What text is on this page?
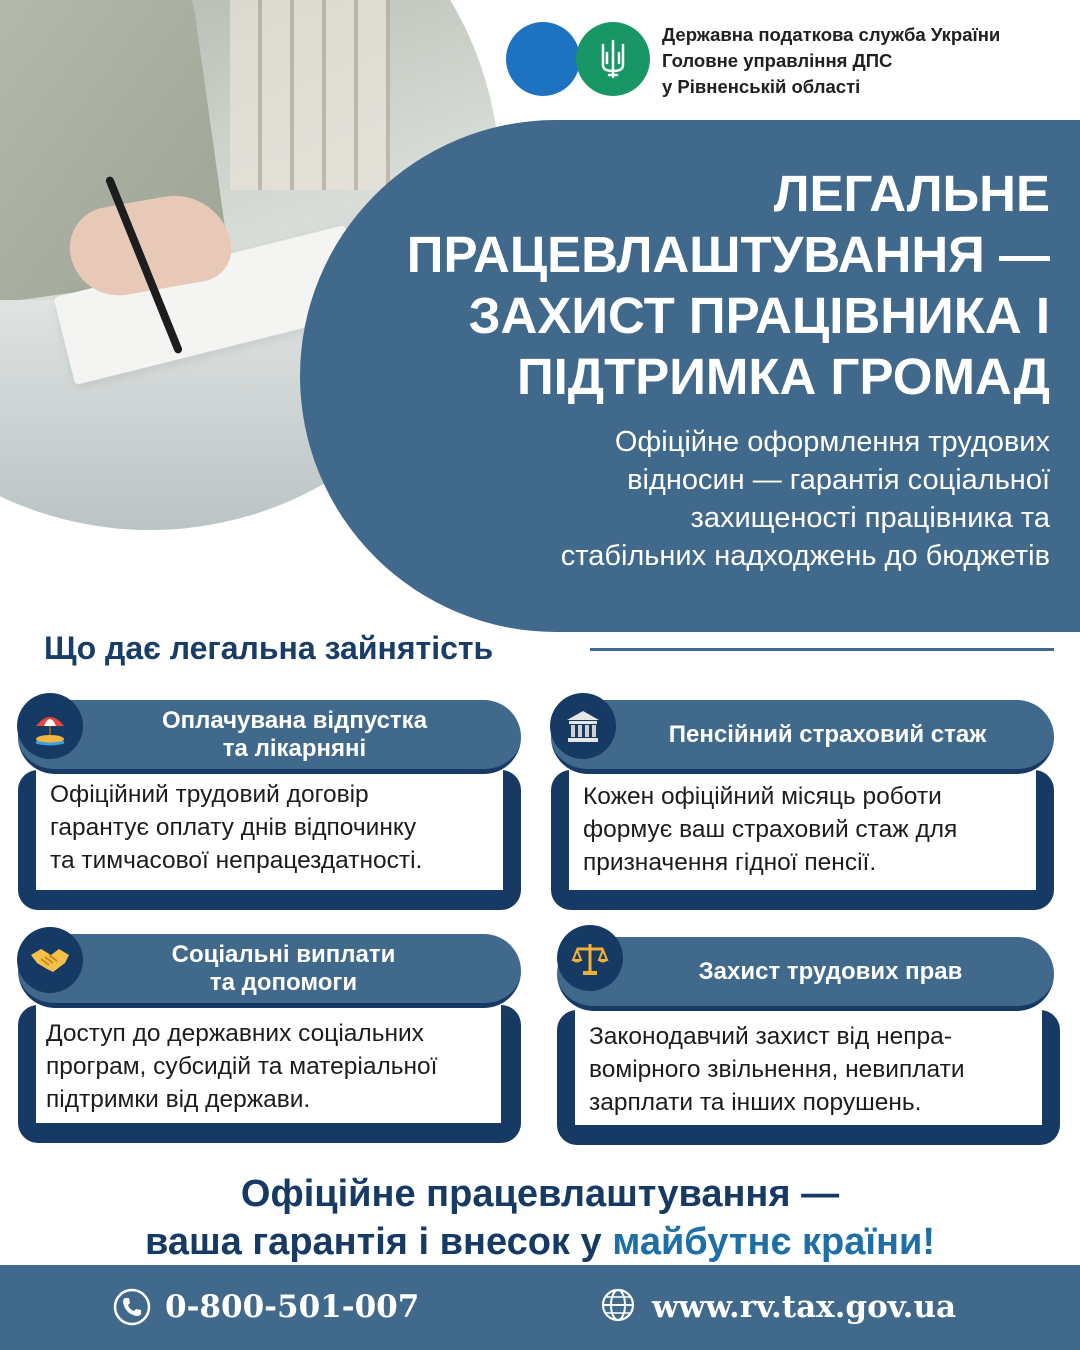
Державна податкова служба України
Головне управління ДПС
у Рівненській області
ЛЕГАЛЬНЕ
ПРАЦЕВЛАШТУВАННЯ —
ЗАХИСТ ПРАЦІВНИКА І
ПІДТРИМКА ГРОМАД
Офіційне оформлення трудових
відносин — гарантія соціальної
захищеності працівника та
стабільних надходжень до бюджетів
Що дає легальна зайнятість
Офіційний трудовий договір
гарантує оплату днів відпочинку
та тимчасової непрацездатності.
Оплачувана відпустка
та лікарняні
Кожен офіційний місяць роботи
формує ваш страховий стаж для
призначення гідної пенсії.
Пенсійний страховий стаж
Доступ до державних соціальних
програм, субсидій та матеріальної
підтримки від держави.
Соціальні виплати
та допомоги
Законодавчий захист від непра-
вомірного звільнення, невиплати
зарплати та інших порушень.
Захист трудових прав
Офіційне працевлаштування —
ваша гарантія і внесок у майбутнє країни!
0-800-501-007	www.rv.tax.gov.ua
